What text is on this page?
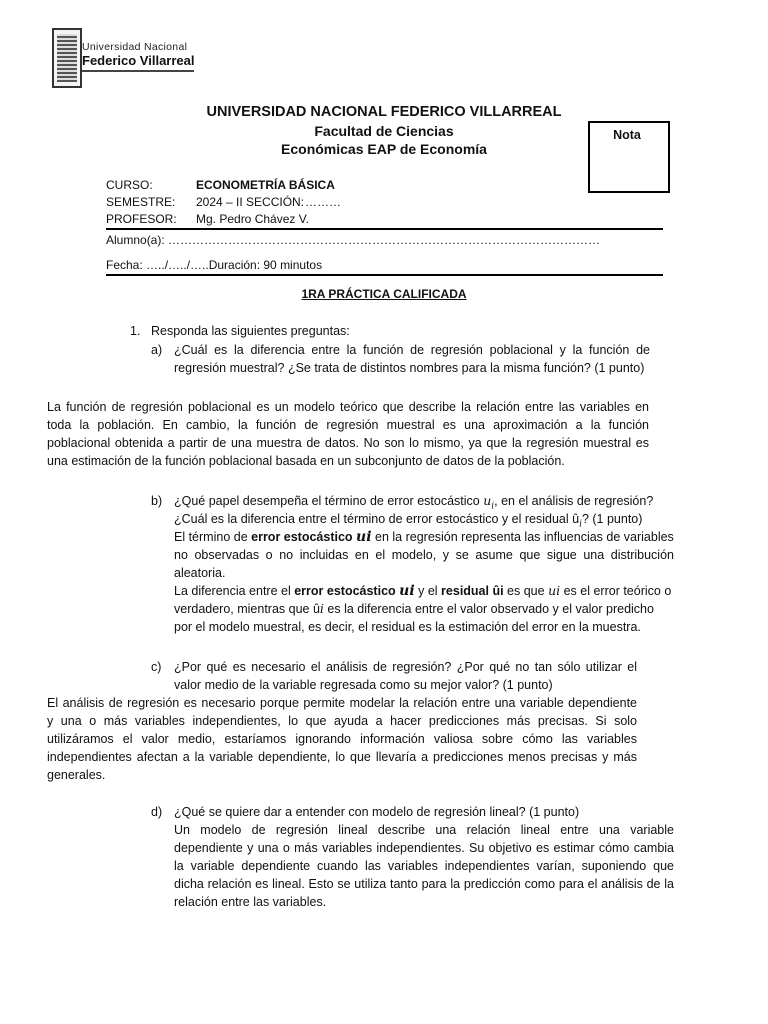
Universidad Nacional
Federico Villarreal
UNIVERSIDAD NACIONAL FEDERICO VILLARREAL
Facultad de Ciencias
Económicas EAP de Economía
Nota
CURSO:	ECONOMETRÍA BÁSICA
SEMESTRE: 2024 – II SECCIÓN: ………
PROFESOR: Mg. Pedro Chávez V.
Alumno(a): ………………………………………………………………………………………………
Fecha: …../…../…..Duración: 90 minutos
1RA PRÁCTICA CALIFICADA
1. Responda las siguientes preguntas:
a) ¿Cuál es la diferencia entre la función de regresión poblacional y la función de
regresión muestral? ¿Se trata de distintos nombres para la misma función? (1 punto)
La función de regresión poblacional es un modelo teórico que describe la relación entre las variables en
toda la población. En cambio, la función de regresión muestral es una aproximación a la función
poblacional obtenida a partir de una muestra de datos. No son lo mismo, ya que la regresión muestral es
una estimación de la función poblacional basada en un subconjunto de datos de la población.
b) ¿Qué papel desempeña el término de error estocástico $u_i$, en el análisis de regresión?
¿Cuál es la diferencia entre el término de error estocástico y el residual $û_i$? (1 punto)
El término de error estocástico ui en la regresión representa las influencias de variables
no observadas o no incluidas en el modelo, y se asume que sigue una distribución
aleatoria.
La diferencia entre el error estocástico ui y el residual ûi es que ui es el error teórico o
verdadero, mientras que ûi es la diferencia entre el valor observado y el valor predicho
por el modelo muestral, es decir, el residual es la estimación del error en la muestra.
c) ¿Por qué es necesario el análisis de regresión? ¿Por qué no tan sólo utilizar el
valor medio de la variable regresada como su mejor valor? (1 punto)
El análisis de regresión es necesario porque permite modelar la relación entre una variable dependiente
y una o más variables independientes, lo que ayuda a hacer predicciones más precisas. Si solo
utilizáramos el valor medio, estaríamos ignorando información valiosa sobre cómo las variables
independientes afectan a la variable dependiente, lo que llevaría a predicciones menos precisas y más
generales.
d) ¿Qué se quiere dar a entender con modelo de regresión lineal? (1 punto)
Un modelo de regresión lineal describe una relación lineal entre una variable
dependiente y una o más variables independientes. Su objetivo es estimar cómo cambia
la variable dependiente cuando las variables independientes varían, suponiendo que
dicha relación es lineal. Esto se utiliza tanto para la predicción como para el análisis de la
relación entre las variables.
